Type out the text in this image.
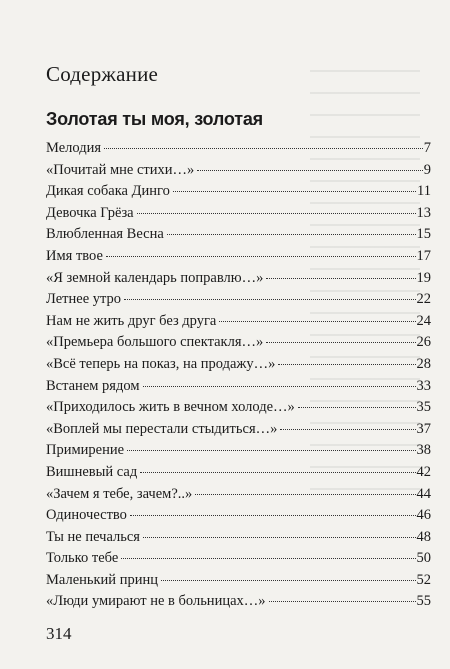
Содержание
Золотая ты моя, золотая
Мелодия	7
«Почитай мне стихи…»	9
Дикая собака Динго	11
Девочка Грёза	13
Влюбленная Весна	15
Имя твое	17
«Я земной календарь поправлю…»	19
Летнее утро	22
Нам не жить друг без друга	24
«Премьера большого спектакля…»	26
«Всё теперь на показ, на продажу…»	28
Встанем рядом	33
«Приходилось жить в вечном холоде…»	35
«Воплей мы перестали стыдиться…»	37
Примирение	38
Вишневый сад	42
«Зачем я тебе, зачем?..»	44
Одиночество	46
Ты не печалься	48
Только тебе	50
Маленький принц	52
«Люди умирают не в больницах…»	55
314
